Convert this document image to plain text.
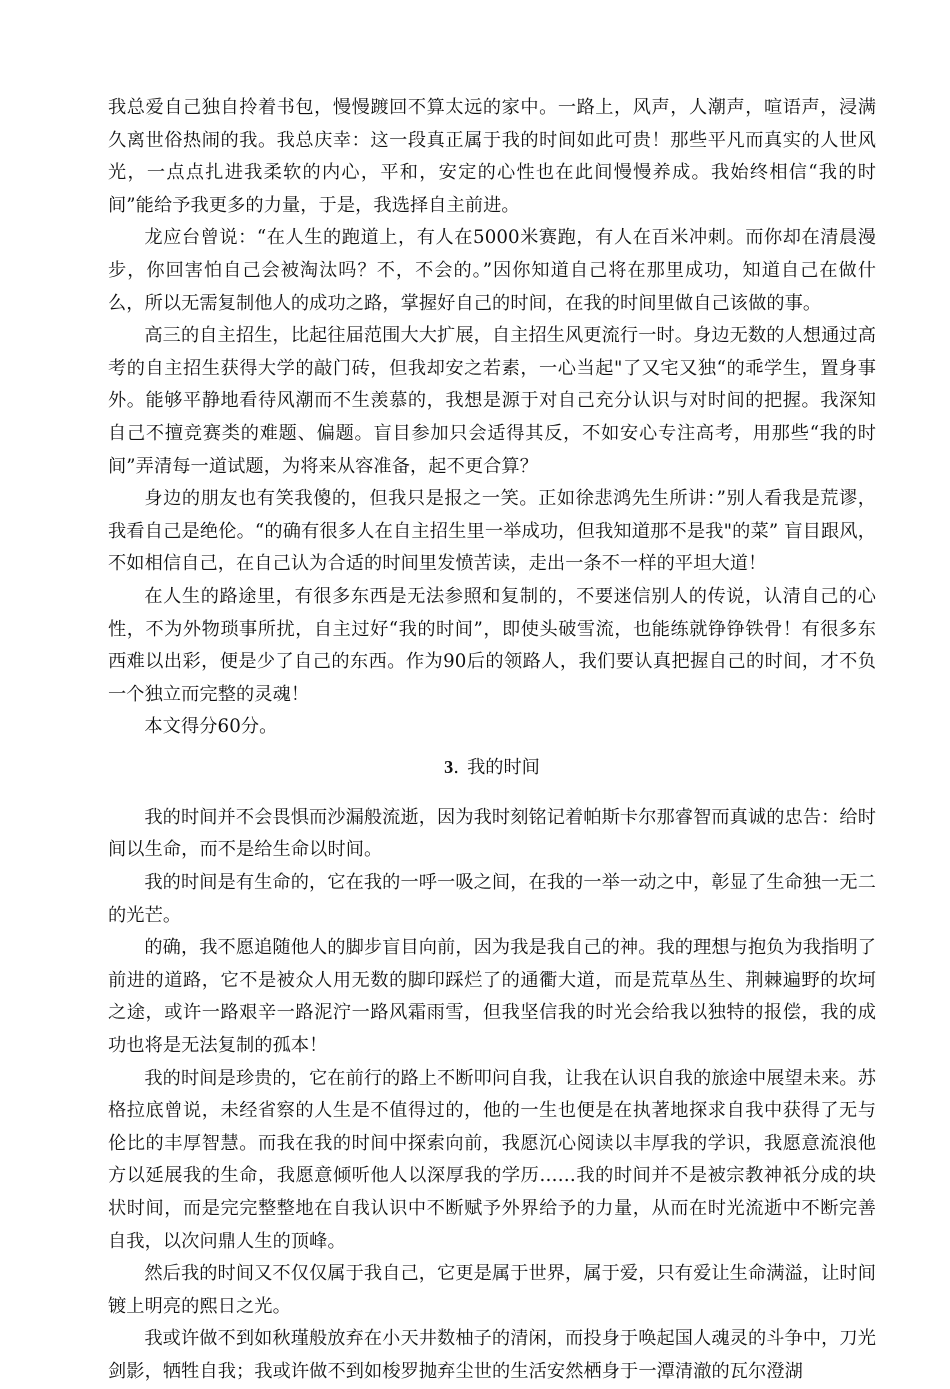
我总爱自己独自拎着书包，慢慢踱回不算太远的家中。一路上，风声，人潮声，喧语声，浸满久离世俗热闹的我。我总庆幸：这一段真正属于我的时间如此可贵！那些平凡而真实的人世风光，一点点扎进我柔软的内心，平和，安定的心性也在此间慢慢养成。我始终相信“我的时间”能给予我更多的力量，于是，我选择自主前进。

龙应台曾说：“在人生的跑道上，有人在5000米赛跑，有人在百米冲刺。而你却在清晨漫步，你回害怕自己会被淘汰吗？不，不会的。”因你知道自己将在那里成功，知道自己在做什么，所以无需复制他人的成功之路，掌握好自己的时间，在我的时间里做自己该做的事。

高三的自主招生，比起往届范围大大扩展，自主招生风更流行一时。身边无数的人想通过高考的自主招生获得大学的敲门砖，但我却安之若素，一心当起"了又宅又独“的乖学生，置身事外。能够平静地看待风潮而不生羡慕的，我想是源于对自己充分认识与对时间的把握。我深知自己不擅竞赛类的难题、偏题。盲目参加只会适得其反，不如安心专注高考，用那些“我的时间”弄清每一道试题，为将来从容准备，起不更合算？

身边的朋友也有笑我傻的，但我只是报之一笑。正如徐悲鸿先生所讲：”别人看我是荒谬，我看自己是绝伦。“的确有很多人在自主招生里一举成功，但我知道那不是我"的菜” 盲目跟风，不如相信自己，在自己认为合适的时间里发愤苦读，走出一条不一样的平坦大道！

在人生的路途里，有很多东西是无法参照和复制的，不要迷信别人的传说，认清自己的心性，不为外物琐事所扰，自主过好“我的时间”，即使头破雪流，也能练就铮铮铁骨！有很多东西难以出彩，便是少了自己的东西。作为90后的领路人，我们要认真把握自己的时间，才不负一个独立而完整的灵魂！

本文得分60分。

3. 我的时间

我的时间并不会畏惧而沙漏般流逝，因为我时刻铭记着帕斯卡尔那睿智而真诚的忠告：给时间以生命，而不是给生命以时间。

我的时间是有生命的，它在我的一呼一吸之间，在我的一举一动之中，彰显了生命独一无二的光芒。

的确，我不愿追随他人的脚步盲目向前，因为我是我自己的神。我的理想与抱负为我指明了前进的道路，它不是被众人用无数的脚印踩烂了的通衢大道，而是荒草丛生、荆棘遍野的坎坷之途，或许一路艰辛一路泥泞一路风霜雨雪，但我坚信我的时光会给我以独特的报偿，我的成功也将是无法复制的孤本！

我的时间是珍贵的，它在前行的路上不断叩问自我，让我在认识自我的旅途中展望未来。苏格拉底曾说，未经省察的人生是不值得过的，他的一生也便是在执著地探求自我中获得了无与伦比的丰厚智慧。而我在我的时间中探索向前，我愿沉心阅读以丰厚我的学识，我愿意流浪他方以延展我的生命，我愿意倾听他人以深厚我的学历……我的时间并不是被宗教神祇分成的块状时间，而是完完整整地在自我认识中不断赋予外界给予的力量，从而在时光流逝中不断完善自我，以次问鼎人生的顶峰。

然后我的时间又不仅仅属于我自己，它更是属于世界，属于爱，只有爱让生命满溢，让时间镀上明亮的熙日之光。

我或许做不到如秋瑾般放弃在小天井数柚子的清闲，而投身于唤起国人魂灵的斗争中，刀光剑影，牺牲自我；我或许做不到如梭罗抛弃尘世的生活安然栖身于一潭清澈的瓦尔澄湖
